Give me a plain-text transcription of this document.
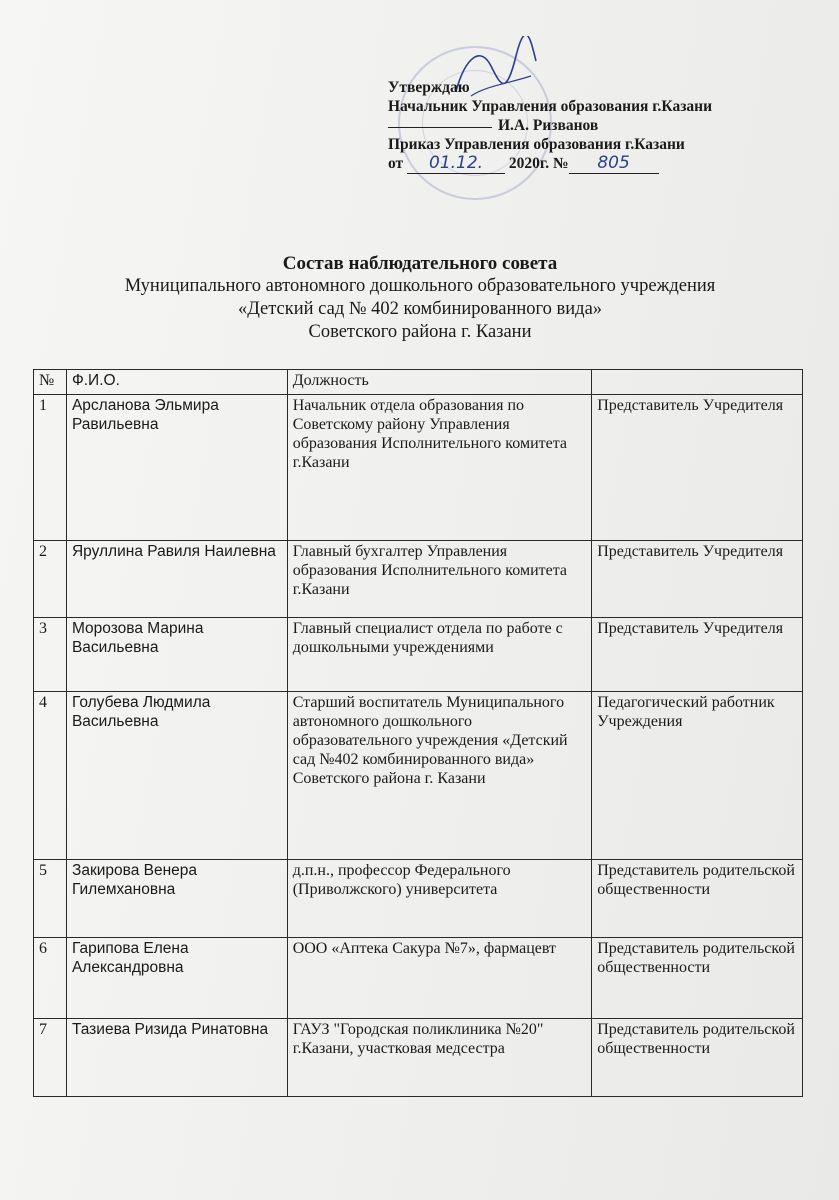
Утверждаю
Начальник Управления образования г.Казани
И.А. Ризванов
Приказ Управления образования г.Казани
от 01.12. 2020г. № 805
Состав наблюдательного совета
Муниципального автономного дошкольного образовательного учреждения
«Детский сад № 402 комбинированного вида»
Советского района г. Казани
№	Ф.И.О.	Должность	
1	Арсланова Эльмира Равильевна	Начальник отдела образования по Советскому району Управления образования Исполнительного комитета г.Казани	Представитель Учредителя
2	Яруллина Равиля Наилевна	Главный бухгалтер Управления образования Исполнительного комитета г.Казани	Представитель Учредителя
3	Морозова Марина Васильевна	Главный специалист отдела по работе с дошкольными учреждениями	Представитель Учредителя
4	Голубева Людмила Васильевна	Старший воспитатель Муниципального автономного дошкольного образовательного учреждения «Детский сад №402 комбинированного вида» Советского района г. Казани	Педагогический работник Учреждения
5	Закирова Венера Гилемхановна	д.п.н., профессор Федерального (Приволжского) университета	Представитель родительской общественности
6	Гарипова Елена Александровна	ООО «Аптека Сакура №7», фармацевт	Представитель родительской общественности
7	Тазиева Ризида Ринатовна	ГАУЗ "Городская поликлиника №20" г.Казани, участковая медсестра	Представитель родительской общественности
